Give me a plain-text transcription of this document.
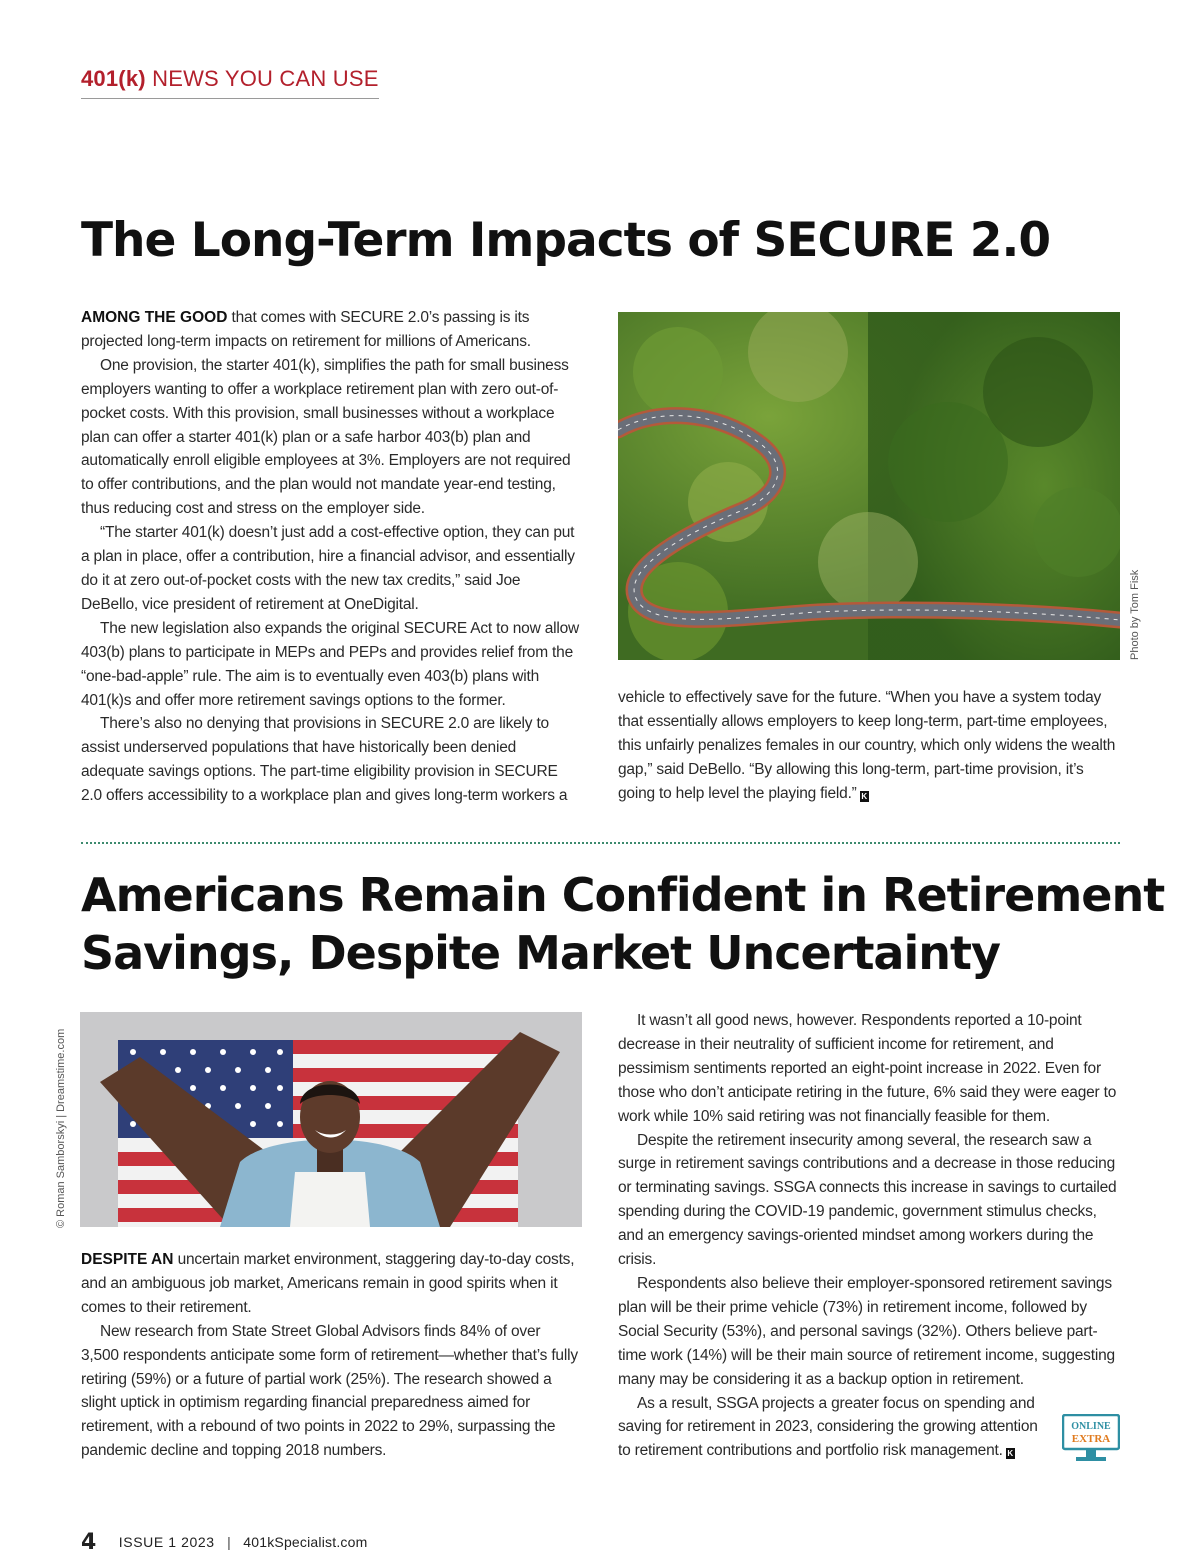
401(k) NEWS YOU CAN USE
The Long-Term Impacts of SECURE 2.0

AMONG THE GOOD that comes with SECURE 2.0’s passing is its projected long-term impacts on retirement for millions of Americans.

One provision, the starter 401(k), simplifies the path for small business employers wanting to offer a workplace retirement plan with zero out-of-pocket costs. With this provision, small businesses without a workplace plan can offer a starter 401(k) plan or a safe harbor 403(b) plan and automatically enroll eligible employees at 3%. Employers are not required to offer contributions, and the plan would not mandate year-end testing, thus reducing cost and stress on the employer side.

“The starter 401(k) doesn’t just add a cost-effective option, they can put a plan in place, offer a contribution, hire a financial advisor, and essentially do it at zero out-of-pocket costs with the new tax credits,” said Joe DeBello, vice president of retirement at OneDigital.

The new legislation also expands the original SECURE Act to now allow 403(b) plans to participate in MEPs and PEPs and provides relief from the “one-bad-apple” rule. The aim is to eventually even 403(b) plans with 401(k)s and offer more retirement savings options to the former.

There’s also no denying that provisions in SECURE 2.0 are likely to assist underserved populations that have historically been denied adequate savings options. The part-time eligibility provision in SECURE 2.0 offers accessibility to a workplace plan and gives long-term workers a

Photo by Tom Fisk

vehicle to effectively save for the future. “When you have a system today that essentially allows employers to keep long-term, part-time employees, this unfairly penalizes females in our country, which only widens the wealth gap,” said DeBello. “By allowing this long-term, part-time provision, it’s going to help level the playing field.” K

Americans Remain Confident in Retirement
Savings, Despite Market Uncertainty
© Roman Samborskyi | Dreamstime.com

DESPITE AN uncertain market environment, staggering day-to-day costs, and an ambiguous job market, Americans remain in good spirits when it comes to their retirement.

New research from State Street Global Advisors finds 84% of over 3,500 respondents anticipate some form of retirement—whether that’s fully retiring (59%) or a future of partial work (25%). The research showed a slight uptick in optimism regarding financial preparedness aimed for retirement, with a rebound of two points in 2022 to 29%, surpassing the pandemic decline and topping 2018 numbers.

It wasn’t all good news, however. Respondents reported a 10-point decrease in their neutrality of sufficient income for retirement, and pessimism sentiments reported an eight-point increase in 2022. Even for those who don’t anticipate retiring in the future, 6% said they were eager to work while 10% said retiring was not financially feasible for them.

Despite the retirement insecurity among several, the research saw a surge in retirement savings contributions and a decrease in those reducing or terminating savings. SSGA connects this increase in savings to curtailed spending during the COVID-19 pandemic, government stimulus checks, and an emergency savings-oriented mindset among workers during the crisis.

Respondents also believe their employer-sponsored retirement savings plan will be their prime vehicle (73%) in retirement income, followed by Social Security (53%), and personal savings (32%). Others believe part-time work (14%) will be their main source of retirement income, suggesting many may be considering it as a backup option in retirement.

As a result, SSGA projects a greater focus on spending and saving for retirement in 2023, considering the growing attention to retirement contributions and portfolio risk management. K

ONLINE
EXTRA
4 ISSUE 1 2023 | 401kSpecialist.com
